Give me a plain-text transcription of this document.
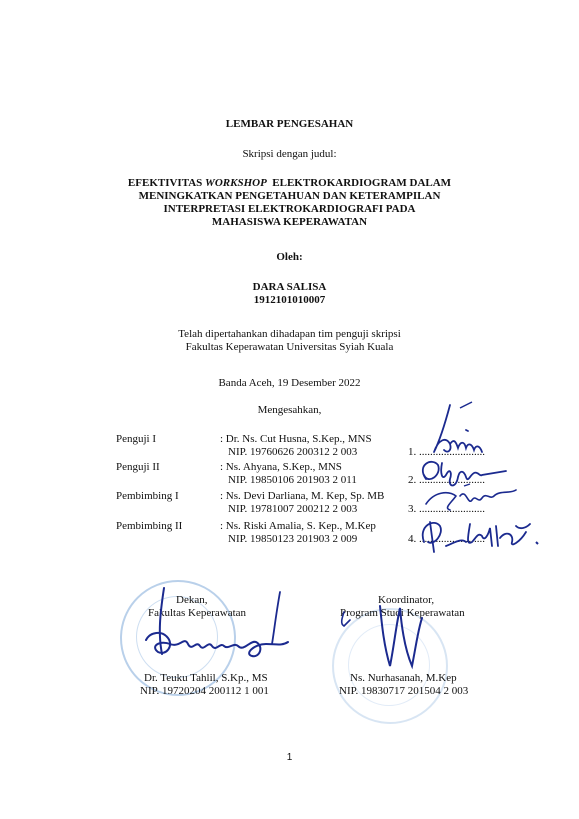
LEMBAR PENGESAHAN
Skripsi dengan judul:
EFEKTIVITAS WORKSHOP  ELEKTROKARDIOGRAM DALAM
MENINGKATKAN PENGETAHUAN DAN KETERAMPILAN
INTERPRETASI ELEKTROKARDIOGRAFI PADA
MAHASISWA KEPERAWATAN
Oleh:
DARA SALISA
1912101010007
Telah dipertahankan dihadapan tim penguji skripsi
Fakultas Keperawatan Universitas Syiah Kuala
Banda Aceh, 19 Desember 2022
Mengesahkan,
Penguji I	: Dr. Ns. Cut Husna, S.Kep., MNS
NIP. 19760626 200312 2 003	1. ........................
Penguji II	: Ns. Ahyana, S.Kep., MNS
NIP. 19850106 201903 2 011	2. ........................
Pembimbing I	: Ns. Devi Darliana, M. Kep, Sp. MB
NIP. 19781007 200212 2 003	3. ........................
Pembimbing II	: Ns. Riski Amalia, S. Kep., M.Kep
NIP. 19850123 201903 2 009	4. ........................
Dekan,
Fakultas Keperawatan
Dr. Teuku Tahlil, S.Kp., MS
NIP. 19720204 200112 1 001
Koordinator,
Program Studi Keperawatan
Ns. Nurhasanah, M.Kep
NIP. 19830717 201504 2 003
1
